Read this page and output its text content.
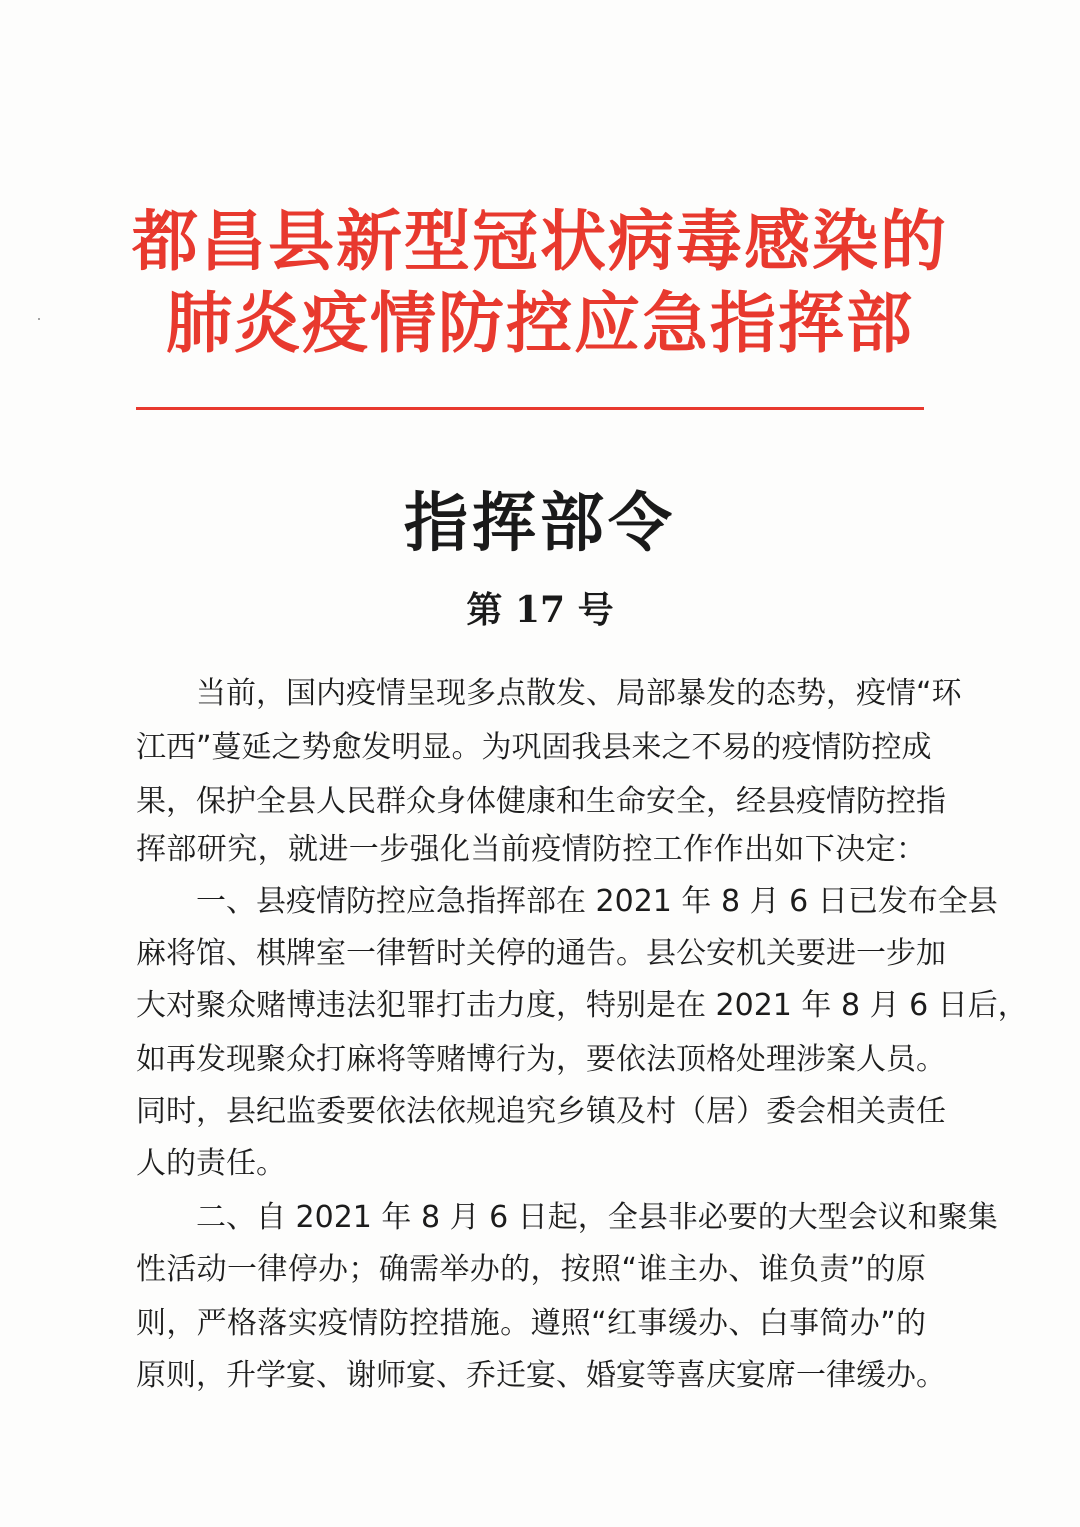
都昌县新型冠状病毒感染的
肺炎疫情防控应急指挥部
指挥部令
第 17 号
当前，国内疫情呈现多点散发、局部暴发的态势，疫情“环
江西”蔓延之势愈发明显。为巩固我县来之不易的疫情防控成
果，保护全县人民群众身体健康和生命安全，经县疫情防控指
挥部研究，就进一步强化当前疫情防控工作作出如下决定：
一、县疫情防控应急指挥部在 2021 年 8 月 6 日已发布全县
麻将馆、棋牌室一律暂时关停的通告。县公安机关要进一步加
大对聚众赌博违法犯罪打击力度，特别是在 2021 年 8 月 6 日后，
如再发现聚众打麻将等赌博行为，要依法顶格处理涉案人员。
同时，县纪监委要依法依规追究乡镇及村（居）委会相关责任
人的责任。
二、自 2021 年 8 月 6 日起，全县非必要的大型会议和聚集
性活动一律停办；确需举办的，按照“谁主办、谁负责”的原
则，严格落实疫情防控措施。遵照“红事缓办、白事简办”的
原则，升学宴、谢师宴、乔迁宴、婚宴等喜庆宴席一律缓办。
